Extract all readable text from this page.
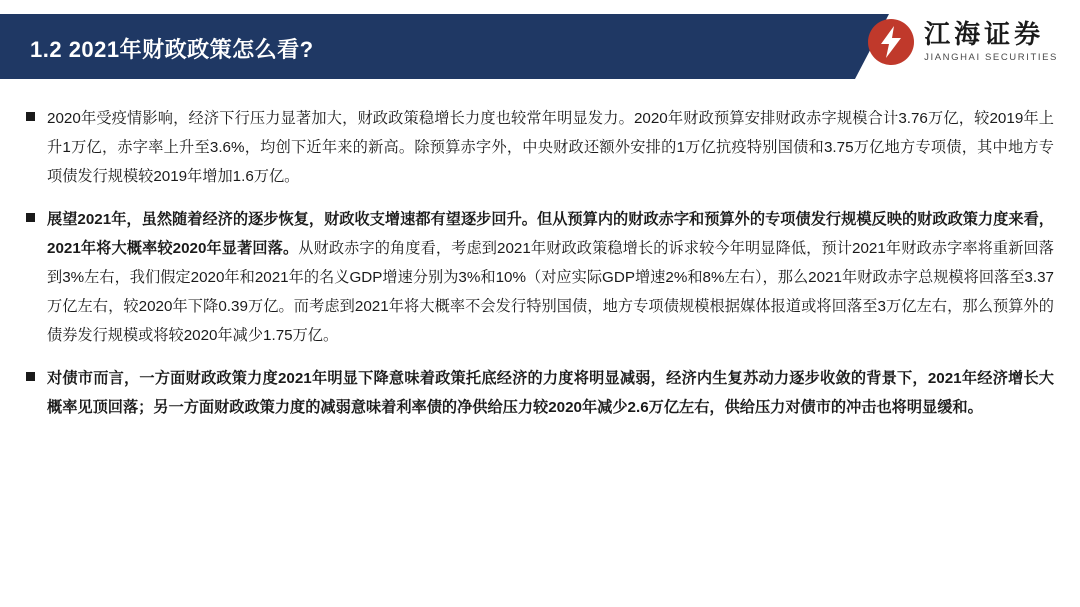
1.2 2021年财政政策怎么看?
江海证券
JIANGHAI SECURITIES
2020年受疫情影响，经济下行压力显著加大，财政政策稳增长力度也较常年明显发力。2020年财政预算安排财政赤字规模合计3.76万亿，较2019年上升1万亿，赤字率上升至3.6%，均创下近年来的新高。除预算赤字外，中央财政还额外安排的1万亿抗疫特别国债和3.75万亿地方专项债，其中地方专项债发行规模较2019年增加1.6万亿。
展望2021年，虽然随着经济的逐步恢复，财政收支增速都有望逐步回升。但从预算内的财政赤字和预算外的专项债发行规模反映的财政政策力度来看，2021年将大概率较2020年显著回落。从财政赤字的角度看，考虑到2021年财政政策稳增长的诉求较今年明显降低，预计2021年财政赤字率将重新回落到3%左右，我们假定2020年和2021年的名义GDP增速分别为3%和10%（对应实际GDP增速2%和8%左右），那么2021年财政赤字总规模将回落至3.37万亿左右，较2020年下降0.39万亿。而考虑到2021年将大概率不会发行特别国债，地方专项债规模根据媒体报道或将回落至3万亿左右，那么预算外的债券发行规模或将较2020年减少1.75万亿。
对债市而言，一方面财政政策力度2021年明显下降意味着政策托底经济的力度将明显减弱，经济内生复苏动力逐步收敛的背景下，2021年经济增长大概率见顶回落；另一方面财政政策力度的减弱意味着利率债的净供给压力较2020年减少2.6万亿左右，供给压力对债市的冲击也将明显缓和。
